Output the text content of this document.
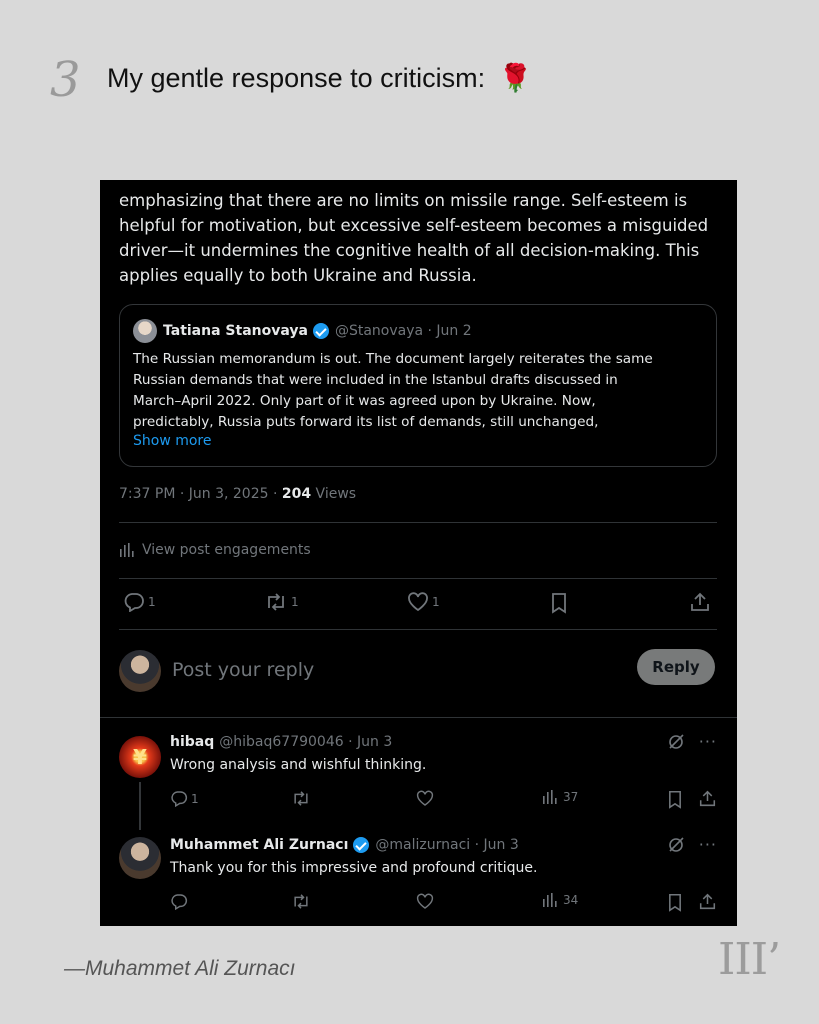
3 My gentle response to criticism: 🌹
emphasizing that there are no limits on missile range. Self-esteem is
helpful for motivation, but excessive self-esteem becomes a misguided
driver—it undermines the cognitive health of all decision-making. This
applies equally to both Ukraine and Russia.
Tatiana Stanovaya @Stanovaya · Jun 2
The Russian memorandum is out. The document largely reiterates the same
Russian demands that were included in the Istanbul drafts discussed in
March–April 2022. Only part of it was agreed upon by Ukraine. Now,
predictably, Russia puts forward its list of demands, still unchanged,
Show more
7:37 PM · Jun 3, 2025 · 204 Views
View post engagements
1	1	1
Post your reply	Reply
¥
hibaq @hibaq67790046 · Jun 3	···
Wrong analysis and wishful thinking.
1	37
Muhammet Ali Zurnacı @malizurnaci · Jun 3	···
Thank you for this impressive and profound critique.
34
—Muhammet Ali Zurnacı	III’
